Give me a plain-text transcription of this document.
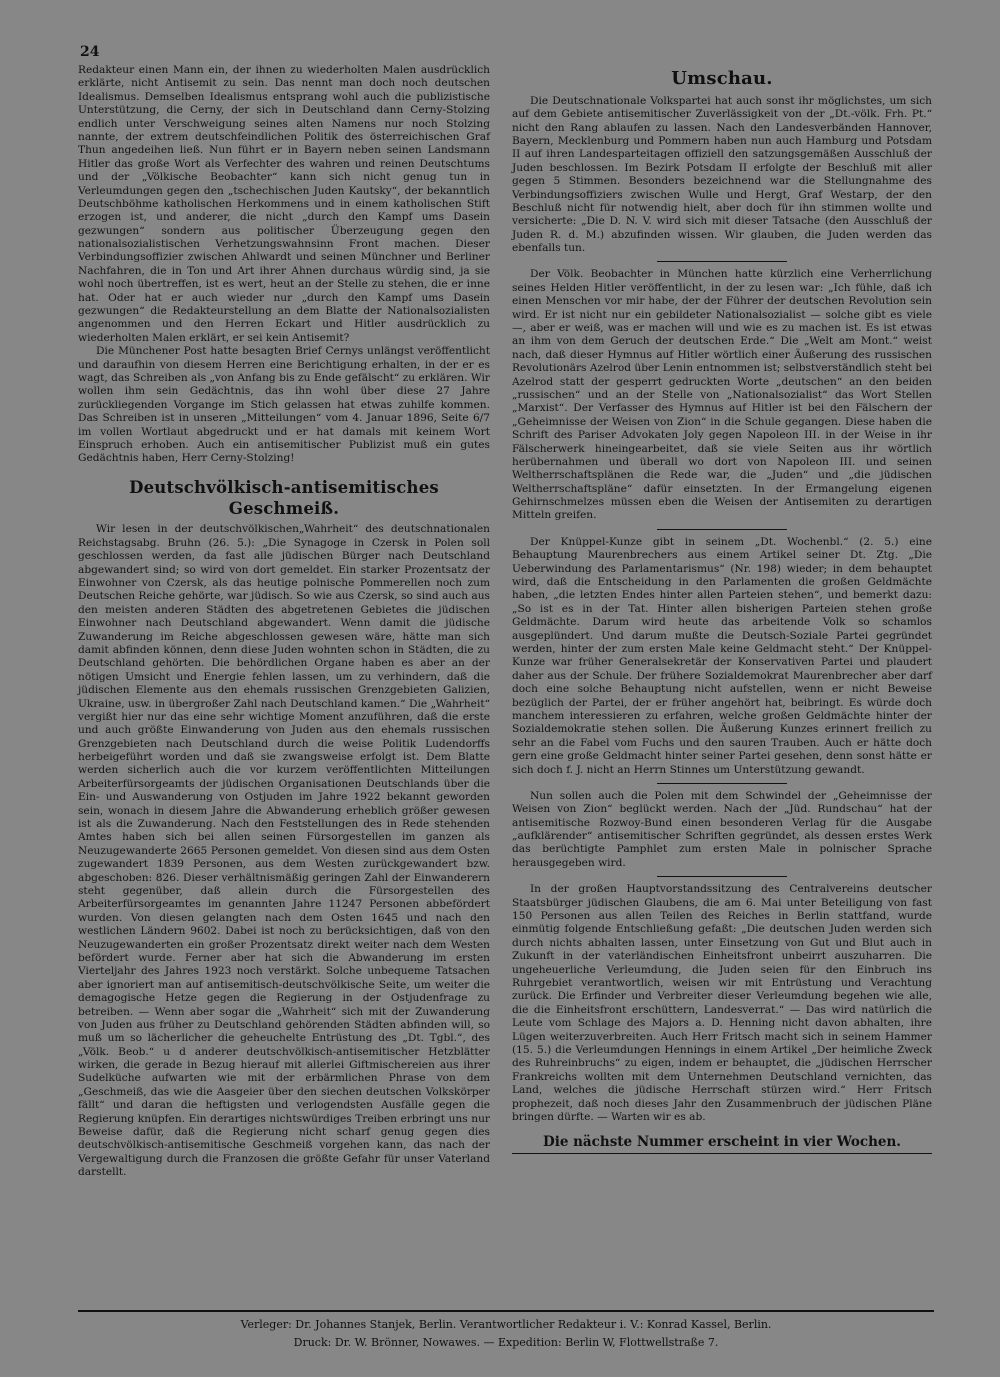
24

Redakteur einen Mann ein, der ihnen zu wiederholten Malen ausdrücklich erklärte, nicht Antisemit zu sein. Das nennt man doch noch deutschen Idealismus. Demselben Idealismus entsprang wohl auch die publizistische Unterstützung, die Cerny, der sich in Deutschland dann Cerny-Stolzing endlich unter Verschweigung seines alten Namens nur noch Stolzing nannte, der extrem deutschfeindlichen Politik des österreichischen Graf Thun angedeihen ließ. Nun führt er in Bayern neben seinen Landsmann Hitler das große Wort als Verfechter des wahren und reinen Deutschtums und der „Völkische Beobachter“ kann sich nicht genug tun in Verleumdungen gegen den „tschechischen Juden Kautsky“, der bekanntlich Deutschböhme katholischen Herkommens und in einem katholischen Stift erzogen ist, und anderer, die nicht „durch den Kampf ums Dasein gezwungen“ sondern aus politischer Überzeugung gegen den nationalsozialistischen Verhetzungswahnsinn Front machen. Dieser Verbindungsoffizier zwischen Ahlwardt und seinen Münchner und Berliner Nachfahren, die in Ton und Art ihrer Ahnen durchaus würdig sind, ja sie wohl noch übertreffen, ist es wert, heut an der Stelle zu stehen, die er inne hat. Oder hat er auch wieder nur „durch den Kampf ums Dasein gezwungen“ die Redakteurstellung an dem Blatte der Nationalsozialisten angenommen und den Herren Eckart und Hitler ausdrücklich zu wiederholten Malen erklärt, er sei kein Antisemit?

Die Münchener Post hatte besagten Brief Cernys unlängst veröffentlicht und daraufhin von diesem Herren eine Berichtigung erhalten, in der er es wagt, das Schreiben als „von Anfang bis zu Ende gefälscht“ zu erklären. Wir wollen ihm sein Gedächtnis, das ihn wohl über diese 27 Jahre zurückliegenden Vorgange im Stich gelassen hat etwas zuhilfe kommen. Das Schreiben ist in unseren „Mitteilungen“ vom 4. Januar 1896, Seite 6/7 im vollen Wortlaut abgedruckt und er hat damals mit keinem Wort Einspruch erhoben. Auch ein antisemitischer Publizist muß ein gutes Gedächtnis haben, Herr Cerny-Stolzing!

Deutschvölkisch-antisemitisches Geschmeiß.

Wir lesen in der deutschvölkischen„Wahrheit“ des deutschnationalen Reichstagsabg. Bruhn (26. 5.): „Die Synagoge in Czersk in Polen soll geschlossen werden, da fast alle jüdischen Bürger nach Deutschland abgewandert sind; so wird von dort gemeldet. Ein starker Prozentsatz der Einwohner von Czersk, als das heutige polnische Pommerellen noch zum Deutschen Reiche gehörte, war jüdisch. So wie aus Czersk, so sind auch aus den meisten anderen Städten des abgetretenen Gebietes die jüdischen Einwohner nach Deutschland abgewandert. Wenn damit die jüdische Zuwanderung im Reiche abgeschlossen gewesen wäre, hätte man sich damit abfinden können, denn diese Juden wohnten schon in Städten, die zu Deutschland gehörten. Die behördlichen Organe haben es aber an der nötigen Umsicht und Energie fehlen lassen, um zu verhindern, daß die jüdischen Elemente aus den ehemals russischen Grenzgebieten Galizien, Ukraine, usw. in übergroßer Zahl nach Deutschland kamen.“ Die „Wahrheit“ vergißt hier nur das eine sehr wichtige Moment anzuführen, daß die erste und auch größte Einwanderung von Juden aus den ehemals russischen Grenzgebieten nach Deutschland durch die weise Politik Ludendorffs herbeigeführt worden und daß sie zwangsweise erfolgt ist. Dem Blatte werden sicherlich auch die vor kurzem veröffentlichten Mitteilungen Arbeiterfürsorgeamts der jüdischen Organisationen Deutschlands über die Ein- und Auswanderung von Ostjuden im Jahre 1922 bekannt geworden sein, wonach in diesem Jahre die Abwanderung erheblich größer gewesen ist als die Zuwanderung. Nach den Feststellungen des in Rede stehenden Amtes haben sich bei allen seinen Fürsorgestellen im ganzen als Neuzugewanderte 2665 Personen gemeldet. Von diesen sind aus dem Osten zugewandert 1839 Personen, aus dem Westen zurückgewandert bzw. abgeschoben: 826. Dieser verhältnismäßig geringen Zahl der Einwanderern steht gegenüber, daß allein durch die Fürsorgestellen des Arbeiterfürsorgeamtes im genannten Jahre 11247 Personen abbefördert wurden. Von diesen gelangten nach dem Osten 1645 und nach den westlichen Ländern 9602. Dabei ist noch zu berücksichtigen, daß von den Neuzugewanderten ein großer Prozentsatz direkt weiter nach dem Westen befördert wurde. Ferner aber hat sich die Abwanderung im ersten Vierteljahr des Jahres 1923 noch verstärkt. Solche unbequeme Tatsachen aber ignoriert man auf antisemitisch-deutschvölkische Seite, um weiter die demagogische Hetze gegen die Regierung in der Ostjudenfrage zu betreiben. — Wenn aber sogar die „Wahrheit“ sich mit der Zuwanderung von Juden aus früher zu Deutschland gehörenden Städten abfinden will, so muß um so lächerlicher die geheuchelte Entrüstung des „Dt. Tgbl.“, des „Völk. Beob.“ u d anderer deutschvölkisch-antisemitischer Hetzblätter wirken, die gerade in Bezug hierauf mit allerlei Giftmischereien aus ihrer Sudelküche aufwarten wie mit der erbärmlichen Phrase von dem „Geschmeiß, das wie die Aasgeier über den siechen deutschen Volkskörper fällt“ und daran die heftigsten und verlogendsten Ausfälle gegen die Regierung knüpfen. Ein derartiges nichtswürdiges Treiben erbringt uns nur Beweise dafür, daß die Regierung nicht scharf genug gegen dies deutschvölkisch-antisemitische Geschmeiß vorgehen kann, das nach der Vergewaltigung durch die Franzosen die größte Gefahr für unser Vaterland darstellt.

Umschau.

Die Deutschnationale Volkspartei hat auch sonst ihr möglichstes, um sich auf dem Gebiete antisemitischer Zuverlässigkeit von der „Dt.-völk. Frh. Pt.“ nicht den Rang ablaufen zu lassen. Nach den Landesverbänden Hannover, Bayern, Mecklenburg und Pommern haben nun auch Hamburg und Potsdam II auf ihren Landesparteitagen offiziell den satzungsgemäßen Ausschluß der Juden beschlossen. Im Bezirk Potsdam II erfolgte der Beschluß mit aller gegen 5 Stimmen. Besonders bezeichnend war die Stellungnahme des Verbindungsoffiziers zwischen Wulle und Hergt, Graf Westarp, der den Beschluß nicht für notwendig hielt, aber doch für ihn stimmen wollte und versicherte: „Die D. N. V. wird sich mit dieser Tatsache (den Ausschluß der Juden R. d. M.) abzufinden wissen. Wir glauben, die Juden werden das ebenfalls tun.

Der Völk. Beobachter in München hatte kürzlich eine Verherrlichung seines Helden Hitler veröffentlicht, in der zu lesen war: „Ich fühle, daß ich einen Menschen vor mir habe, der der Führer der deutschen Revolution sein wird. Er ist nicht nur ein gebildeter Nationalsozialist — solche gibt es viele —, aber er weiß, was er machen will und wie es zu machen ist. Es ist etwas an ihm von dem Geruch der deutschen Erde.“ Die „Welt am Mont.“ weist nach, daß dieser Hymnus auf Hitler wörtlich einer Äußerung des russischen Revolutionärs Azelrod über Lenin entnommen ist; selbstverständlich steht bei Azelrod statt der gesperrt gedruckten Worte „deutschen“ an den beiden „russischen“ und an der Stelle von „Nationalsozialist“ das Wort Stellen „Marxist“. Der Verfasser des Hymnus auf Hitler ist bei den Fälschern der „Geheimnisse der Weisen von Zion“ in die Schule gegangen. Diese haben die Schrift des Pariser Advokaten Joly gegen Napoleon III. in der Weise in ihr Fälscherwerk hineingearbeitet, daß sie viele Seiten aus ihr wörtlich herübernahmen und überall wo dort von Napoleon III. und seinen Weltherrschaftsplänen die Rede war, die „Juden“ und „die jüdischen Weltherrschaftspläne“ dafür einsetzten. In der Ermangelung eigenen Gehirnschmelzes müssen eben die Weisen der Antisemiten zu derartigen Mitteln greifen.

Der Knüppel-Kunze gibt in seinem „Dt. Wochenbl.“ (2. 5.) eine Behauptung Maurenbrechers aus einem Artikel seiner Dt. Ztg. „Die Ueberwindung des Parlamentarismus“ (Nr. 198) wieder; in dem behauptet wird, daß die Entscheidung in den Parlamenten die großen Geldmächte haben, „die letzten Endes hinter allen Parteien stehen“, und bemerkt dazu: „So ist es in der Tat. Hinter allen bisherigen Parteien stehen große Geldmächte. Darum wird heute das arbeitende Volk so schamlos ausgeplündert. Und darum mußte die Deutsch-Soziale Partei gegründet werden, hinter der zum ersten Male keine Geldmacht steht.“ Der Knüppel-Kunze war früher Generalsekretär der Konservativen Partei und plaudert daher aus der Schule. Der frühere Sozialdemokrat Maurenbrecher aber darf doch eine solche Behauptung nicht aufstellen, wenn er nicht Beweise bezüglich der Partei, der er früher angehört hat, beibringt. Es würde doch manchem interessieren zu erfahren, welche großen Geldmächte hinter der Sozialdemokratie stehen sollen. Die Äußerung Kunzes erinnert freilich zu sehr an die Fabel vom Fuchs und den sauren Trauben. Auch er hätte doch gern eine große Geldmacht hinter seiner Partei gesehen, denn sonst hätte er sich doch f. J. nicht an Herrn Stinnes um Unterstützung gewandt.

Nun sollen auch die Polen mit dem Schwindel der „Geheimnisse der Weisen von Zion“ beglückt werden. Nach der „Jüd. Rundschau“ hat der antisemitische Rozwoy-Bund einen besonderen Verlag für die Ausgabe „aufklärender“ antisemitischer Schriften gegründet, als dessen erstes Werk das berüchtigte Pamphlet zum ersten Male in polnischer Sprache herausgegeben wird.

In der großen Hauptvorstandssitzung des Centralvereins deutscher Staatsbürger jüdischen Glaubens, die am 6. Mai unter Beteiligung von fast 150 Personen aus allen Teilen des Reiches in Berlin stattfand, wurde einmütig folgende Entschließung gefaßt: „Die deutschen Juden werden sich durch nichts abhalten lassen, unter Einsetzung von Gut und Blut auch in Zukunft in der vaterländischen Einheitsfront unbeirrt auszuharren. Die ungeheuerliche Verleumdung, die Juden seien für den Einbruch ins Ruhrgebiet verantwortlich, weisen wir mit Entrüstung und Verachtung zurück. Die Erfinder und Verbreiter dieser Verleumdung begehen wie alle, die die Einheitsfront erschüttern, Landesverrat.“ — Das wird natürlich die Leute vom Schlage des Majors a. D. Henning nicht davon abhalten, ihre Lügen weiterzuverbreiten. Auch Herr Fritsch macht sich in seinem Hammer (15. 5.) die Verleumdungen Hennings in einem Artikel „Der heimliche Zweck des Ruhreinbruchs“ zu eigen, indem er behauptet, die „jüdischen Herrscher Frankreichs wollten mit dem Unternehmen Deutschland vernichten, das Land, welches die jüdische Herrschaft stürzen wird.“ Herr Fritsch prophezeit, daß noch dieses Jahr den Zusammenbruch der jüdischen Pläne bringen dürfte. — Warten wir es ab.

Die nächste Nummer erscheint in vier Wochen.
Verleger: Dr. Johannes Stanjek, Berlin. Verantwortlicher Redakteur i. V.: Konrad Kassel, Berlin.
Druck: Dr. W. Brönner, Nowawes. — Expedition: Berlin W, Flottwellstraße 7.
